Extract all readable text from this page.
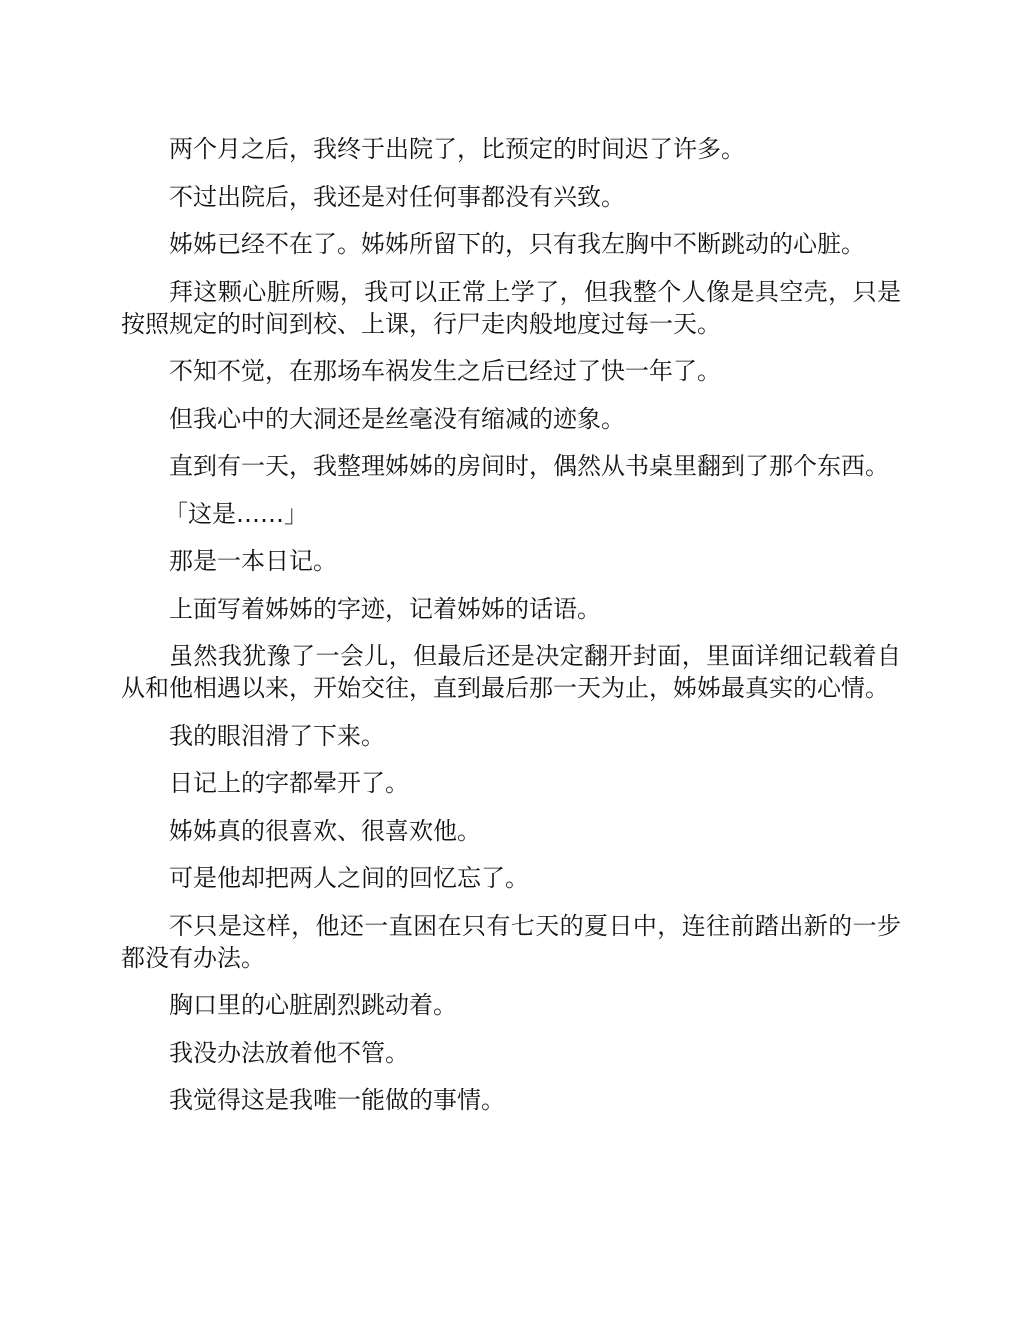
两个月之后，我终于出院了，比预定的时间迟了许多。

不过出院后，我还是对任何事都没有兴致。

姊姊已经不在了。姊姊所留下的，只有我左胸中不断跳动的心脏。

拜这颗心脏所赐，我可以正常上学了，但我整个人像是具空壳，只是按照规定的时间到校、上课，行尸走肉般地度过每一天。

不知不觉，在那场车祸发生之后已经过了快一年了。

但我心中的大洞还是丝毫没有缩减的迹象。

直到有一天，我整理姊姊的房间时，偶然从书桌里翻到了那个东西。

「这是……」

那是一本日记。

上面写着姊姊的字迹，记着姊姊的话语。

虽然我犹豫了一会儿，但最后还是决定翻开封面，里面详细记载着自从和他相遇以来，开始交往，直到最后那一天为止，姊姊最真实的心情。

我的眼泪滑了下来。

日记上的字都晕开了。

姊姊真的很喜欢、很喜欢他。

可是他却把两人之间的回忆忘了。

不只是这样，他还一直困在只有七天的夏日中，连往前踏出新的一步都没有办法。

胸口里的心脏剧烈跳动着。

我没办法放着他不管。

我觉得这是我唯一能做的事情。
